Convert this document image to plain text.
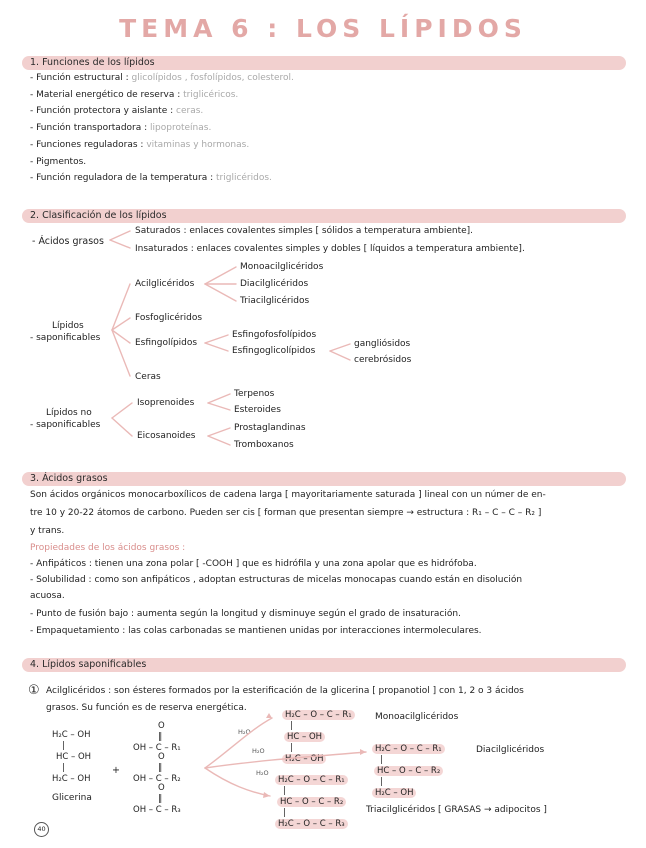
TEMA 6 : LOS LÍPIDOS
1. Funciones de los lípidos
- Función estructural : glicolípidos , fosfolípidos, colesterol.
- Material energético de reserva : triglicéricos.
- Función protectora y aislante : ceras.
- Función transportadora : lipoproteínas.
- Funciones reguladoras : vitaminas y hormonas.
- Pigmentos.
- Función reguladora de la temperatura : triglicéridos.
2. Clasificación de los lípidos
- Ácidos grasos
Saturados : enlaces covalentes simples [ sólidos a temperatura ambiente].
Insaturados : enlaces covalentes simples y dobles [ líquidos a temperatura ambiente].
Lípidos
- saponificables
Acilglicéridos
Monoacilglicéridos
Diacilglicéridos
Triacilglicéridos
Fosfoglicéridos
Esfingolípidos
Esfingofosfolípidos
Esfingoglicolípidos
gangliósidos
cerebrósidos
Ceras
Lípidos no
- saponificables
Isoprenoides
Terpenos
Esteroides
Eicosanoides
Prostaglandinas
Tromboxanos
3. Ácidos grasos
Son ácidos orgánicos monocarboxílicos de cadena larga [ mayoritariamente saturada ] lineal con un númer de en-
tre 10 y 20-22 átomos de carbono. Pueden ser cis [ forman que presentan siempre → estructura : R₁ – C – C – R₂ ]
y trans.
Propiedades de los ácidos grasos :
- Anfipáticos : tienen una zona polar [ -COOH ] que es hidrófila y una zona apolar que es hidrófoba.
- Solubilidad : como son anfipáticos , adoptan estructuras de micelas monocapas cuando están en disolución
acuosa.
- Punto de fusión bajo : aumenta según la longitud y disminuye según el grado de insaturación.
- Empaquetamiento : las colas carbonadas se mantienen unidas por interacciones intermoleculares.
4. Lípidos saponificables
① Acilglicéridos : son ésteres formados por la esterificación de la glicerina [ propanotiol ] con 1, 2 o 3 ácidos
grasos. Su función es de reserva energética.
H₂C – OH
|
HC – OH
|
H₂C – OH
Glicerina
+
O
‖
OH – C – R₁
O
‖
OH – C – R₂
O
‖
OH – C – R₃
H₂O
H₂O
H₂O
H₂C – O – C – R₁
|
HC – OH
|
H₂C – OH
Monoacilglicéridos
H₂C – O – C – R₁
|
HC – O – C – R₂
|
H₂C – OH
Diacilglicéridos
H₂C – O – C – R₁
|
HC – O – C – R₂
|
H₂C – O – C – R₃
Triacilglicéridos [ GRASAS → adipocitos ]
40
